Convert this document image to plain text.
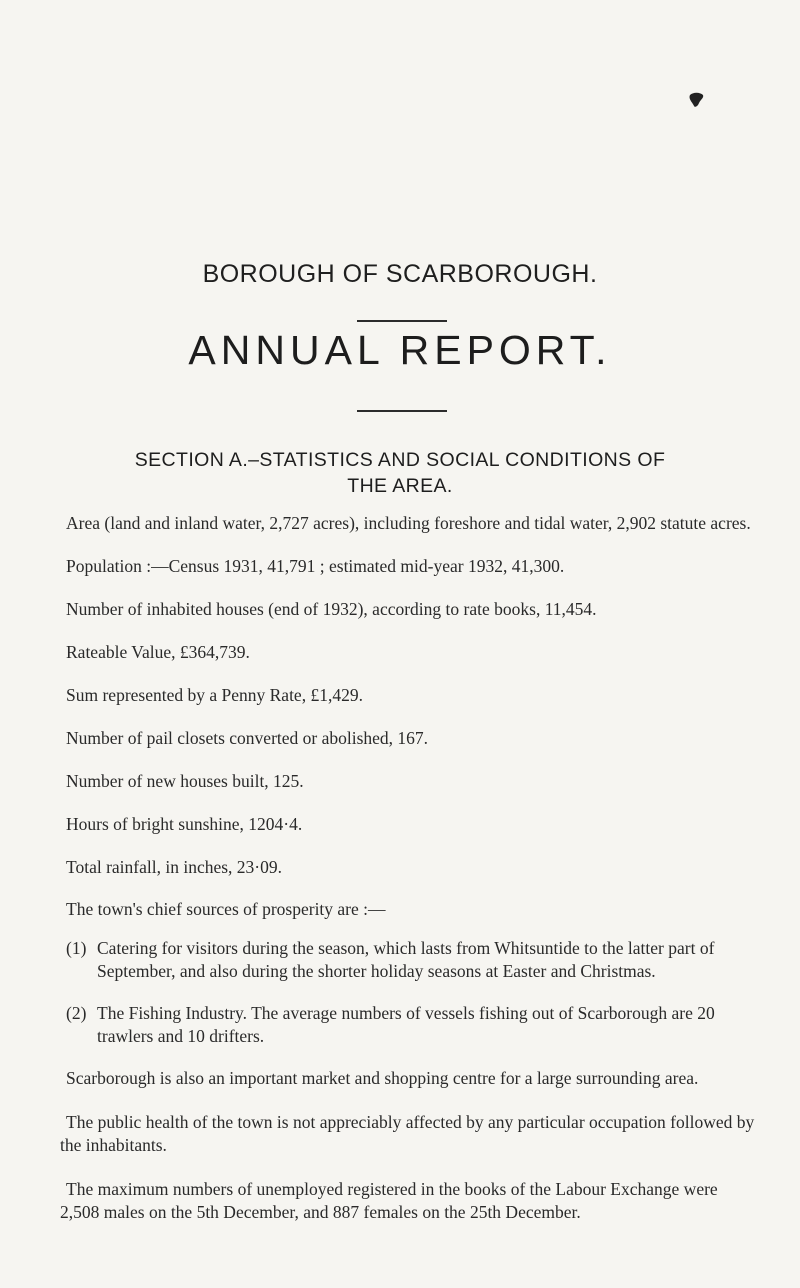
BOROUGH OF SCARBOROUGH.
ANNUAL REPORT.
SECTION A.–STATISTICS AND SOCIAL CONDITIONS OF
THE AREA.

Area (land and inland water, 2,727 acres), including foreshore and tidal water, 2,902 statute acres.

Population :—Census 1931, 41,791 ; estimated mid-year 1932, 41,300.

Number of inhabited houses (end of 1932), according to rate books, 11,454.

Rateable Value, £364,739.

Sum represented by a Penny Rate, £1,429.

Number of pail closets converted or abolished, 167.

Number of new houses built, 125.

Hours of bright sunshine, 1204·4.

Total rainfall, in inches, 23·09.

The town's chief sources of prosperity are :—

(1) Catering for visitors during the season, which lasts from Whitsuntide to the latter part of September, and also during the shorter holiday seasons at Easter and Christmas.
(2) The Fishing Industry. The average numbers of vessels fishing out of Scarborough are 20 trawlers and 10 drifters.

Scarborough is also an important market and shopping centre for a large surrounding area.

The public health of the town is not appreciably affected by any particular occupation followed by the inhabitants.

The maximum numbers of unemployed registered in the books of the Labour Exchange were 2,508 males on the 5th December, and 887 females on the 25th December.
